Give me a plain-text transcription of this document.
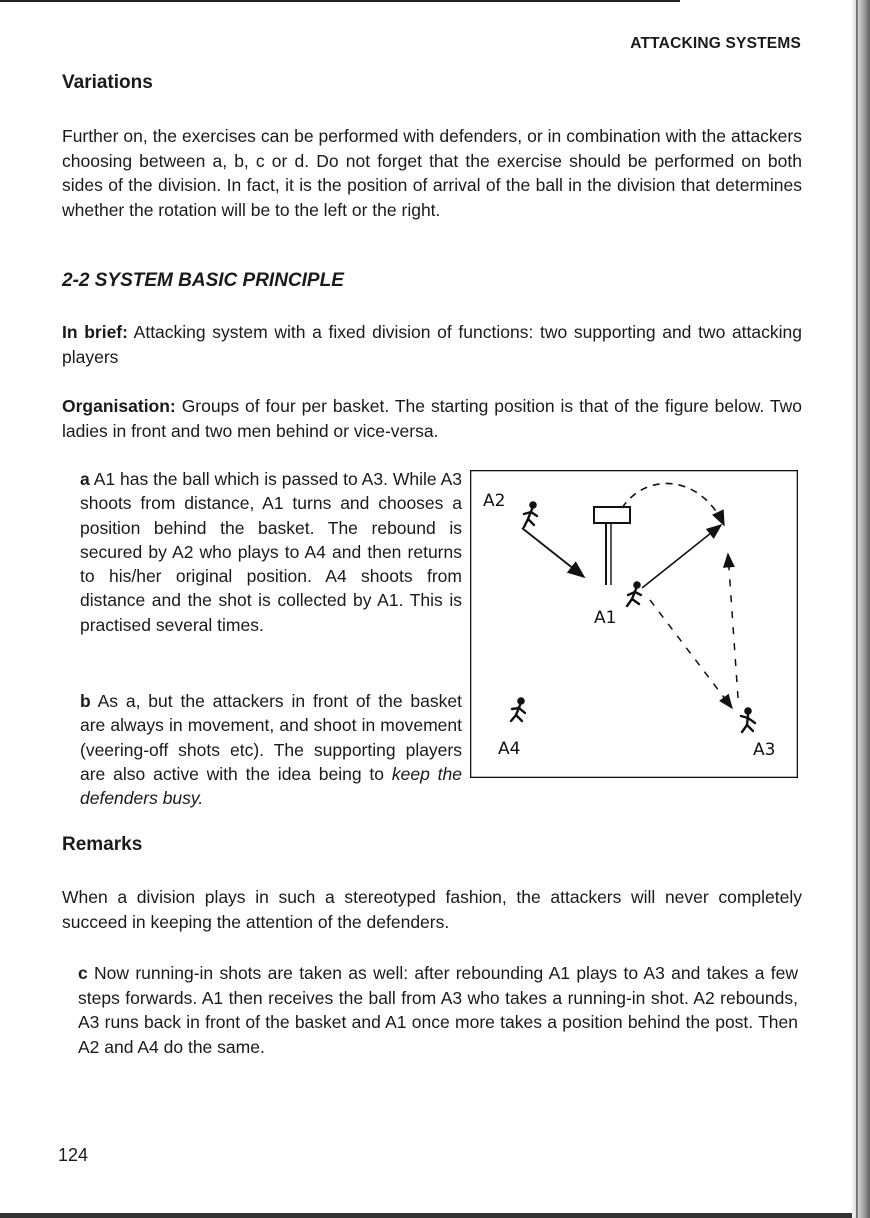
ATTACKING SYSTEMS
Variations
Further on, the exercises can be performed with defenders, or in combination with the attackers choosing between a, b, c or d. Do not forget that the exercise should be performed on both sides of the division. In fact, it is the position of arrival of the ball in the division that determines whether the rotation will be to the left or the right.
2-2 SYSTEM BASIC PRINCIPLE
In brief: Attacking system with a fixed division of functions: two supporting and two attacking players
Organisation: Groups of four per basket. The starting position is that of the figure below. Two ladies in front and two men behind or vice-versa.
a A1 has the ball which is passed to A3. While A3 shoots from distance, A1 turns and chooses a position behind the basket. The rebound is secured by A2 who plays to A4 and then returns to his/her original position. A4 shoots from distance and the shot is collected by A1. This is practised several times.
b As a, but the attackers in front of the basket are always in movement, and shoot in movement (veering-off shots etc). The supporting players are also active with the idea being to keep the defenders busy.
A2
A1
A4	A3
Remarks
When a division plays in such a stereotyped fashion, the attackers will never completely succeed in keeping the attention of the defenders.
c Now running-in shots are taken as well: after rebounding A1 plays to A3 and takes a few steps forwards. A1 then receives the ball from A3 who takes a running-in shot. A2 rebounds, A3 runs back in front of the basket and A1 once more takes a position behind the post. Then A2 and A4 do the same.
124
